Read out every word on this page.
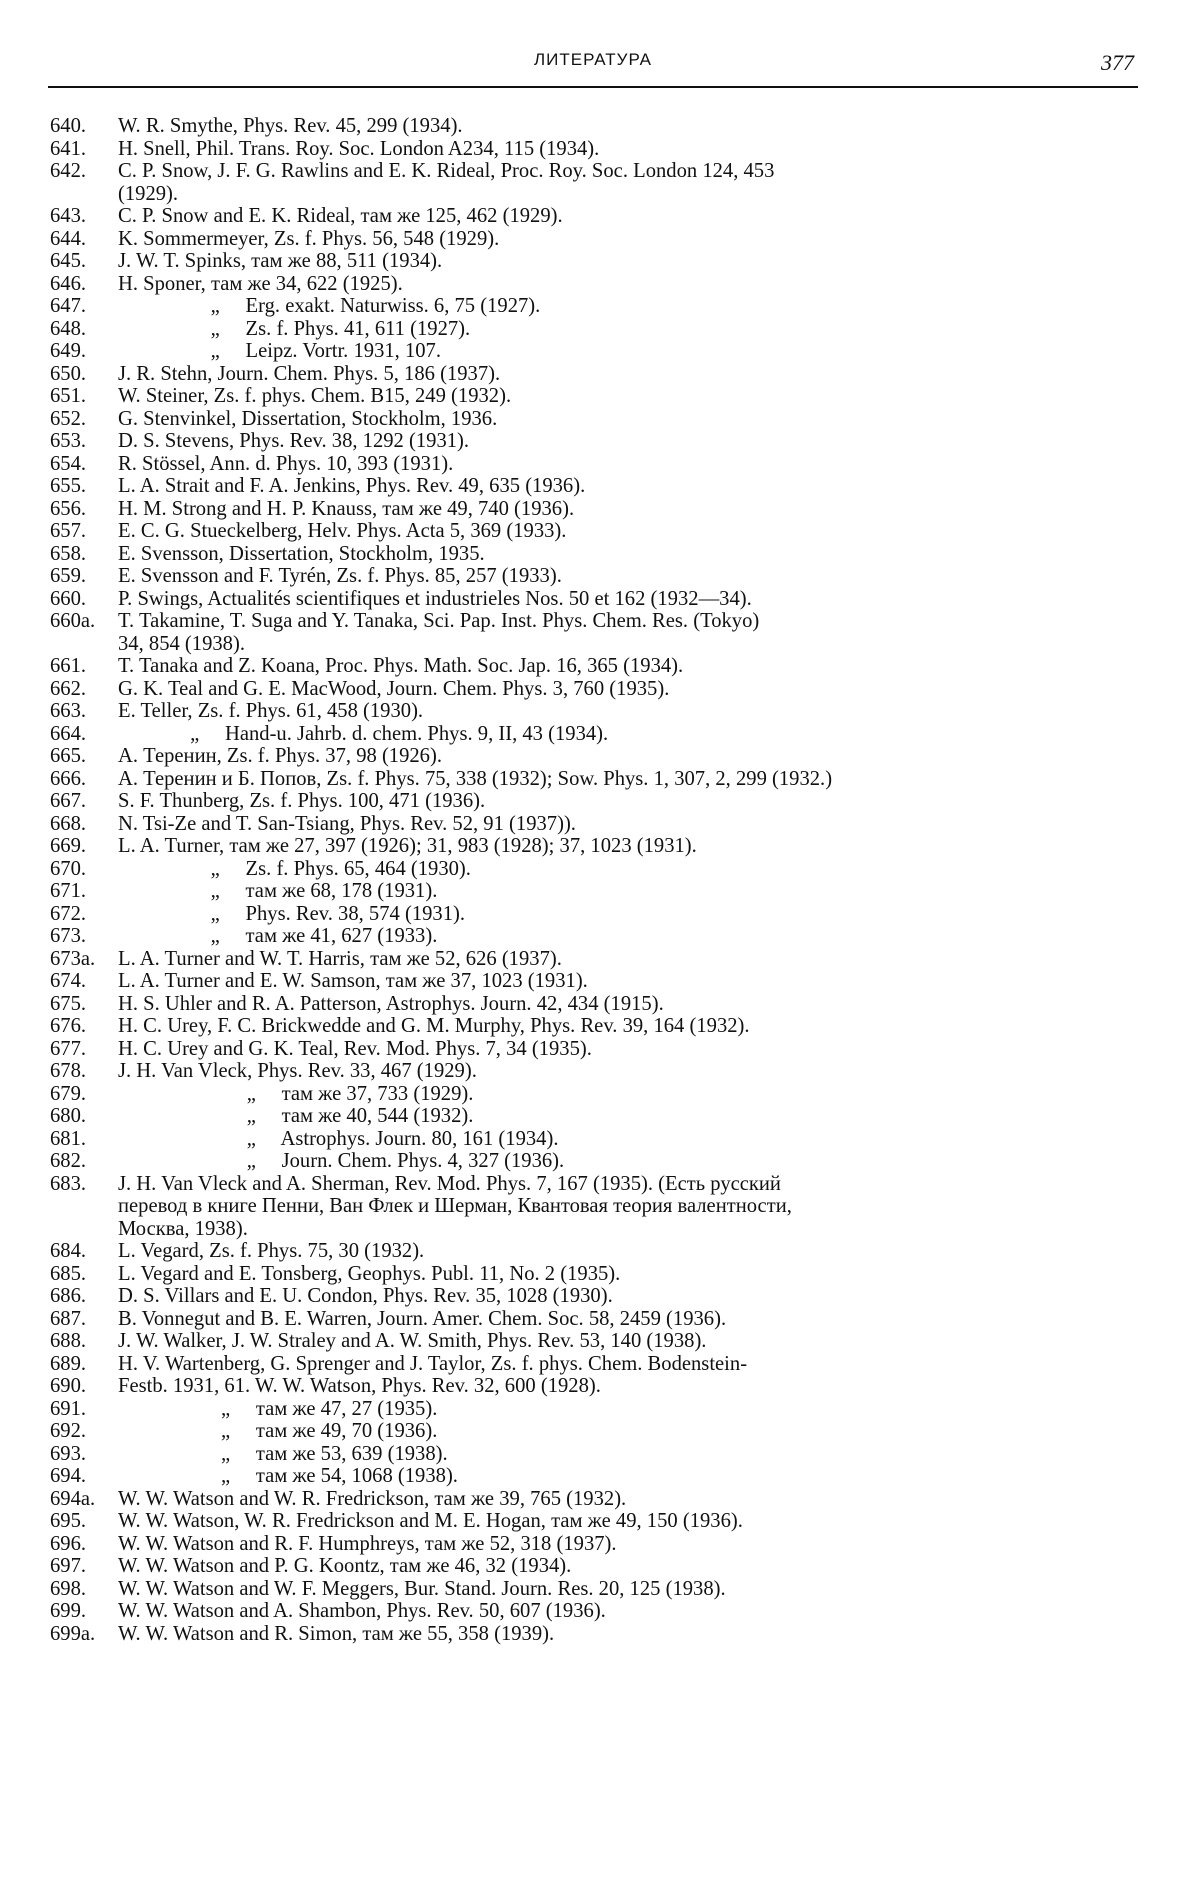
ЛИТЕРАТУРА	377
640.	W. R. Smythe, Phys. Rev. 45, 299 (1934).
641.	H. Snell, Phil. Trans. Roy. Soc. London A234, 115 (1934).
642.	C. P. Snow, J. F. G. Rawlins and E. K. Rideal, Proc. Roy. Soc. London 124, 453
(1929).
643.	C. P. Snow and E. K. Rideal, там же 125, 462 (1929).
644.	K. Sommermeyer, Zs. f. Phys. 56, 548 (1929).
645.	J. W. T. Spinks, там же 88, 511 (1934).
646.	H. Sponer, там же 34, 622 (1925).
647.	„     Erg. exakt. Naturwiss. 6, 75 (1927).
648.	„     Zs. f. Phys. 41, 611 (1927).
649.	„     Leipz. Vortr. 1931, 107.
650.	J. R. Stehn, Journ. Chem. Phys. 5, 186 (1937).
651.	W. Steiner, Zs. f. phys. Chem. B15, 249 (1932).
652.	G. Stenvinkel, Dissertation, Stockholm, 1936.
653.	D. S. Stevens, Phys. Rev. 38, 1292 (1931).
654.	R. Stössel, Ann. d. Phys. 10, 393 (1931).
655.	L. A. Strait and F. A. Jenkins, Phys. Rev. 49, 635 (1936).
656.	H. M. Strong and H. P. Knauss, там же 49, 740 (1936).
657.	E. C. G. Stueckelberg, Helv. Phys. Acta 5, 369 (1933).
658.	E. Svensson, Dissertation, Stockholm, 1935.
659.	E. Svensson and F. Tyrén, Zs. f. Phys. 85, 257 (1933).
660.	P. Swings, Actualités scientifiques et industrieles Nos. 50 et 162 (1932—34).
660a.	T. Takamine, T. Suga and Y. Tanaka, Sci. Pap. Inst. Phys. Chem. Res. (Tokyo)
34, 854 (1938).
661.	T. Tanaka and Z. Koana, Proc. Phys. Math. Soc. Jap. 16, 365 (1934).
662.	G. K. Teal and G. E. MacWood, Journ. Chem. Phys. 3, 760 (1935).
663.	E. Teller, Zs. f. Phys. 61, 458 (1930).
664.	„     Hand-u. Jahrb. d. chem. Phys. 9, II, 43 (1934).
665.	A. Теренин, Zs. f. Phys. 37, 98 (1926).
666.	A. Теренин и Б. Попов, Zs. f. Phys. 75, 338 (1932); Sow. Phys. 1, 307, 2, 299 (1932.)
667.	S. F. Thunberg, Zs. f. Phys. 100, 471 (1936).
668.	N. Tsi-Ze and T. San-Tsiang, Phys. Rev. 52, 91 (1937)).
669.	L. A. Turner, там же 27, 397 (1926); 31, 983 (1928); 37, 1023 (1931).
670.	„     Zs. f. Phys. 65, 464 (1930).
671.	„     там же 68, 178 (1931).
672.	„     Phys. Rev. 38, 574 (1931).
673.	„     там же 41, 627 (1933).
673a.	L. A. Turner and W. T. Harris, там же 52, 626 (1937).
674.	L. A. Turner and E. W. Samson, там же 37, 1023 (1931).
675.	H. S. Uhler and R. A. Patterson, Astrophys. Journ. 42, 434 (1915).
676.	H. C. Urey, F. C. Brickwedde and G. M. Murphy, Phys. Rev. 39, 164 (1932).
677.	H. C. Urey and G. K. Teal, Rev. Mod. Phys. 7, 34 (1935).
678.	J. H. Van Vleck, Phys. Rev. 33, 467 (1929).
679.	„     там же 37, 733 (1929).
680.	„     там же 40, 544 (1932).
681.	„     Astrophys. Journ. 80, 161 (1934).
682.	„     Journ. Chem. Phys. 4, 327 (1936).
683.	J. H. Van Vleck and A. Sherman, Rev. Mod. Phys. 7, 167 (1935). (Есть русский
перевод в книге Пенни, Ван Флек и Шерман, Квантовая теория валентности,
Москва, 1938).
684.	L. Vegard, Zs. f. Phys. 75, 30 (1932).
685.	L. Vegard and E. Tonsberg, Geophys. Publ. 11, No. 2 (1935).
686.	D. S. Villars and E. U. Condon, Phys. Rev. 35, 1028 (1930).
687.	B. Vonnegut and B. E. Warren, Journ. Amer. Chem. Soc. 58, 2459 (1936).
688.	J. W. Walker, J. W. Straley and A. W. Smith, Phys. Rev. 53, 140 (1938).
689.	H. V. Wartenberg, G. Sprenger and J. Taylor, Zs. f. phys. Chem. Bodenstein-
690.	Festb. 1931, 61. W. W. Watson, Phys. Rev. 32, 600 (1928).
691.	„     там же 47, 27 (1935).
692.	„     там же 49, 70 (1936).
693.	„     там же 53, 639 (1938).
694.	„     там же 54, 1068 (1938).
694a.	W. W. Watson and W. R. Fredrickson, там же 39, 765 (1932).
695.	W. W. Watson, W. R. Fredrickson and M. E. Hogan, там же 49, 150 (1936).
696.	W. W. Watson and R. F. Humphreys, там же 52, 318 (1937).
697.	W. W. Watson and P. G. Koontz, там же 46, 32 (1934).
698.	W. W. Watson and W. F. Meggers, Bur. Stand. Journ. Res. 20, 125 (1938).
699.	W. W. Watson and A. Shambon, Phys. Rev. 50, 607 (1936).
699a.	W. W. Watson and R. Simon, там же 55, 358 (1939).
